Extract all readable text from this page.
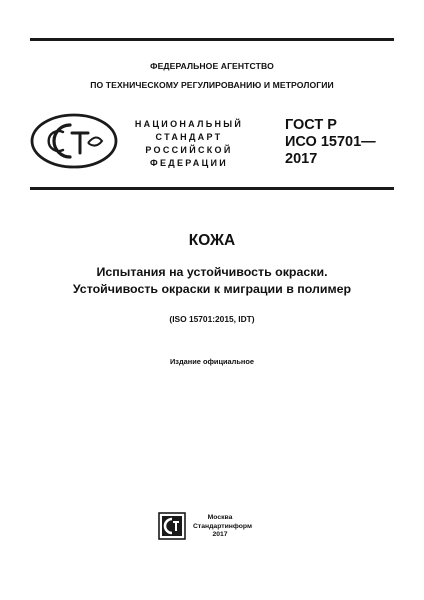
ФЕДЕРАЛЬНОЕ АГЕНТСТВО
ПО ТЕХНИЧЕСКОМУ РЕГУЛИРОВАНИЮ И МЕТРОЛОГИИ
НАЦИОНАЛЬНЫЙ
СТАНДАРТ
РОССИЙСКОЙ
ФЕДЕРАЦИИ
ГОСТ Р
ИСО 15701—
2017
КОЖА
Испытания на устойчивость окраски.
Устойчивость окраски к миграции в полимер
(ISO 15701:2015, IDT)
Издание официальное
Москва
Стандартинформ
2017
